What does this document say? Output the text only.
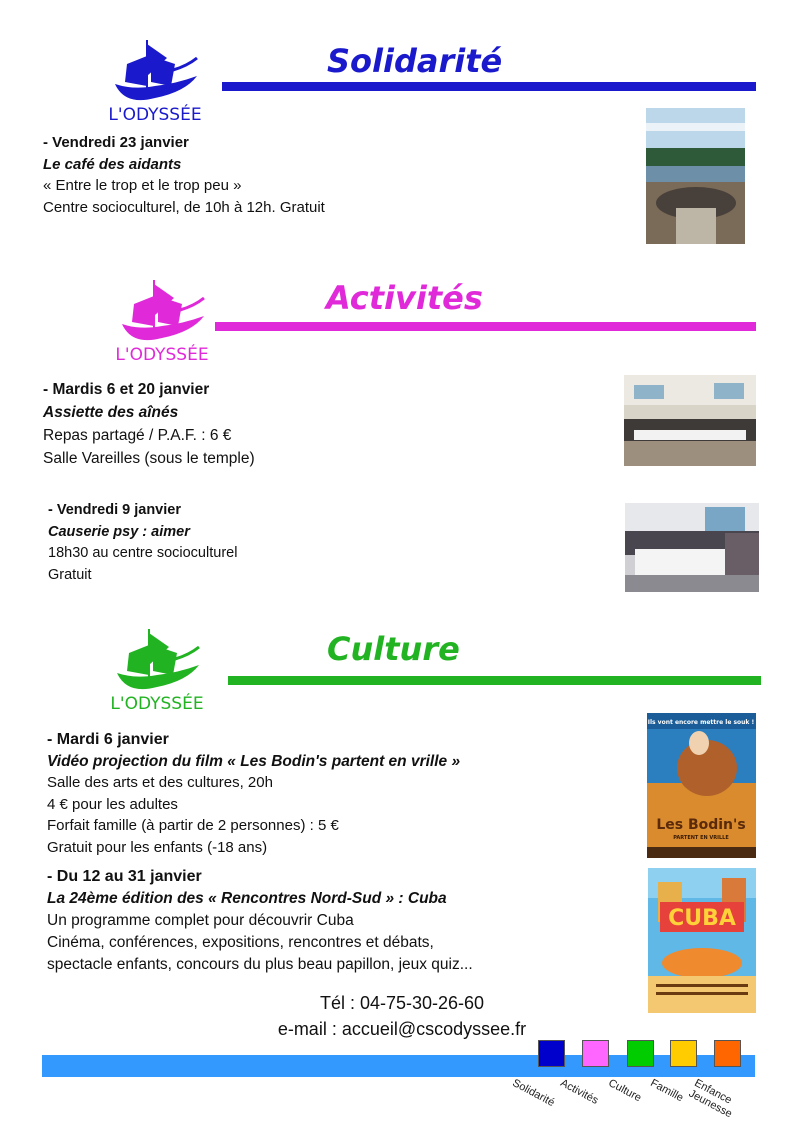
L'ODYSSÉE
Solidarité
- Vendredi 23 janvier
Le café des aidants
« Entre le trop et le trop peu »
Centre socioculturel, de 10h à 12h. Gratuit
L'ODYSSÉE
Activités
- Mardis 6 et 20 janvier
Assiette des aînés
Repas partagé / P.A.F. : 6 €
Salle Vareilles (sous le temple)
- Vendredi 9 janvier
Causerie psy : aimer
18h30 au centre socioculturel
Gratuit
L'ODYSSÉE
Culture
- Mardi 6 janvier
Vidéo projection du film « Les Bodin's partent en vrille »
Salle des arts et des cultures, 20h
4 € pour les adultes
Forfait famille (à partir de 2 personnes) : 5 €
Gratuit pour les enfants (-18 ans)
Ils vont encore mettre le souk !
Les Bodin's
PARTENT EN VRILLE
- Du 12 au 31 janvier
La 24ème édition des « Rencontres Nord-Sud » : Cuba
Un programme complet pour découvrir Cuba
Cinéma, conférences, expositions, rencontres et débats,
spectacle enfants, concours du plus beau papillon, jeux quiz...
CUBA
Tél : 04-75-30-26-60
e-mail : accueil@cscodyssee.fr
Solidarité Activités Culture Famille Enfance
Jeunesse
